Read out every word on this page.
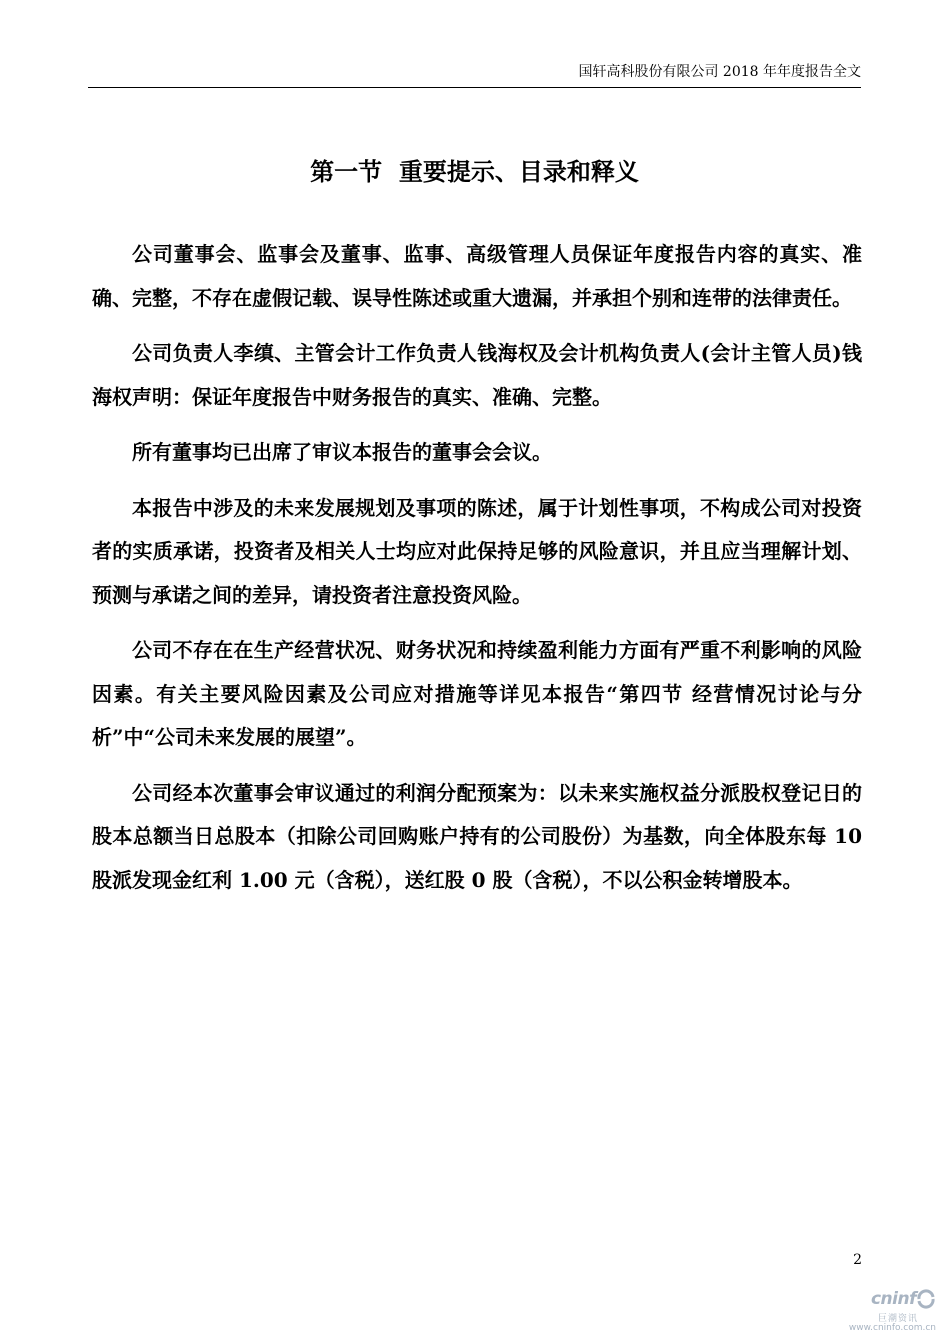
国轩高科股份有限公司 2018 年年度报告全文
第一节  重要提示、目录和释义

公司董事会、监事会及董事、监事、高级管理人员保证年度报告内容的真实、准确、完整，不存在虚假记载、误导性陈述或重大遗漏，并承担个别和连带的法律责任。

公司负责人李缜、主管会计工作负责人钱海权及会计机构负责人(会计主管人员)钱海权声明：保证年度报告中财务报告的真实、准确、完整。

所有董事均已出席了审议本报告的董事会会议。

本报告中涉及的未来发展规划及事项的陈述，属于计划性事项，不构成公司对投资者的实质承诺，投资者及相关人士均应对此保持足够的风险意识，并且应当理解计划、预测与承诺之间的差异，请投资者注意投资风险。

公司不存在在生产经营状况、财务状况和持续盈利能力方面有严重不利影响的风险因素。有关主要风险因素及公司应对措施等详见本报告“第四节 经营情况讨论与分析”中“公司未来发展的展望”。

公司经本次董事会审议通过的利润分配预案为：以未来实施权益分派股权登记日的股本总额当日总股本（扣除公司回购账户持有的公司股份）为基数，向全体股东每 10 股派发现金红利 1.00 元（含税），送红股 0 股（含税），不以公积金转增股本。

2
cninf
巨潮资讯
www.cninfo.com.cn
